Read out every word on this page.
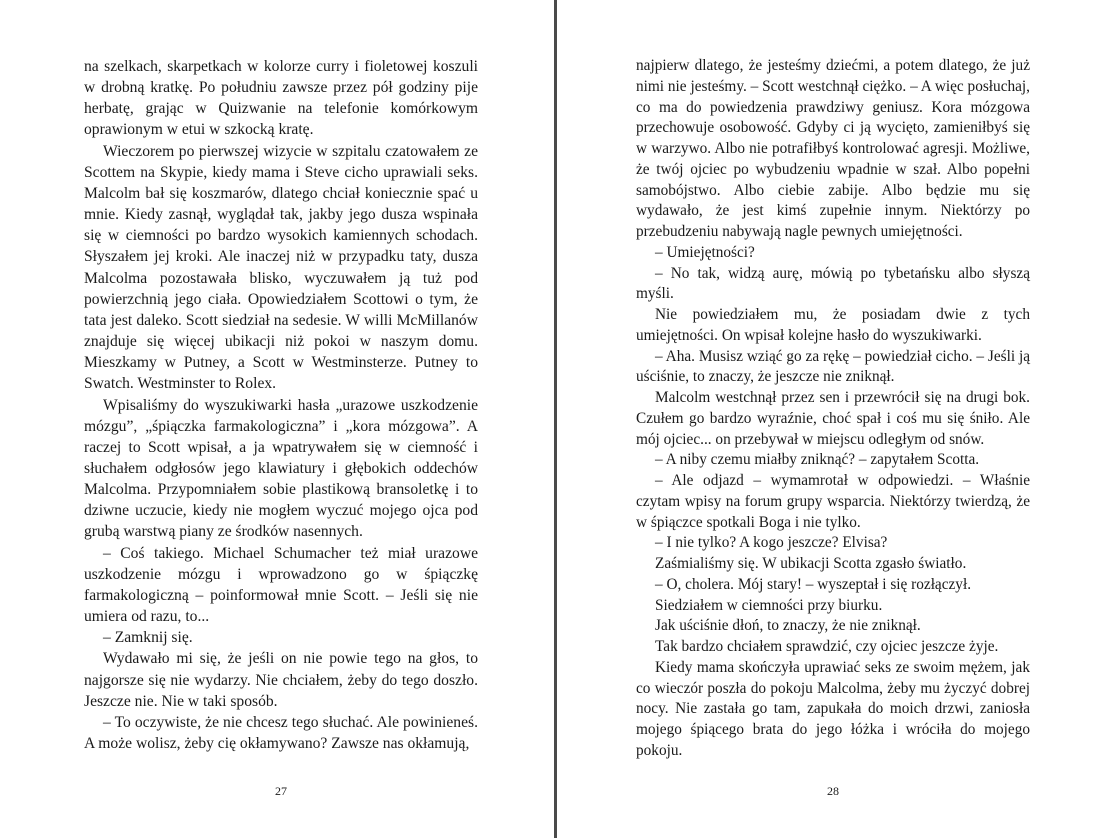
na szelkach, skarpetkach w kolorze curry i fioletowej koszuli w drobną kratkę. Po południu zawsze przez pół godziny pije herbatę, grając w Quizwanie na telefonie komórkowym oprawionym w etui w szkocką kratę.

Wieczorem po pierwszej wizycie w szpitalu czatowałem ze Scottem na Skypie, kiedy mama i Steve cicho uprawiali seks. Malcolm bał się koszmarów, dlatego chciał koniecznie spać u mnie. Kiedy zasnął, wyglądał tak, jakby jego dusza wspinała się w ciemności po bardzo wysokich kamiennych schodach. Słyszałem jej kroki. Ale inaczej niż w przypadku taty, dusza Malcolma pozostawała blisko, wyczuwałem ją tuż pod powierzchnią jego ciała. Opowiedziałem Scottowi o tym, że tata jest daleko. Scott siedział na sedesie. W willi McMillanów znajduje się więcej ubikacji niż pokoi w naszym domu. Mieszkamy w Putney, a Scott w Westminsterze. Putney to Swatch. Westminster to Rolex.

Wpisaliśmy do wyszukiwarki hasła „urazowe uszkodzenie mózgu”, „śpiączka farmakologiczna” i „kora mózgowa”. A raczej to Scott wpisał, a ja wpatrywałem się w ciemność i słuchałem odgłosów jego klawiatury i głębokich oddechów Malcolma. Przypomniałem sobie plastikową bransoletkę i to dziwne uczucie, kiedy nie mogłem wyczuć mojego ojca pod grubą warstwą piany ze środków nasennych.

– Coś takiego. Michael Schumacher też miał urazowe uszkodzenie mózgu i wprowadzono go w śpiączkę farmakologiczną – poinformował mnie Scott. – Jeśli się nie umiera od razu, to...

– Zamknij się.

Wydawało mi się, że jeśli on nie powie tego na głos, to najgorsze się nie wydarzy. Nie chciałem, żeby do tego doszło. Jeszcze nie. Nie w taki sposób.

– To oczywiste, że nie chcesz tego słuchać. Ale powinieneś. A może wolisz, żeby cię okłamywano? Zawsze nas okłamują,

najpierw dlatego, że jesteśmy dziećmi, a potem dlatego, że już nimi nie jesteśmy. – Scott westchnął ciężko. – A więc posłuchaj, co ma do powiedzenia prawdziwy geniusz. Kora mózgowa przechowuje osobowość. Gdyby ci ją wycięto, zamieniłbyś się w warzywo. Albo nie potrafiłbyś kontrolować agresji. Możliwe, że twój ojciec po wybudzeniu wpadnie w szał. Albo popełni samobójstwo. Albo ciebie zabije. Albo będzie mu się wydawało, że jest kimś zupełnie innym. Niektórzy po przebudzeniu nabywają nagle pewnych umiejętności.

– Umiejętności?

– No tak, widzą aurę, mówią po tybetańsku albo słyszą myśli.

Nie powiedziałem mu, że posiadam dwie z tych umiejętności. On wpisał kolejne hasło do wyszukiwarki.

– Aha. Musisz wziąć go za rękę – powiedział cicho. – Jeśli ją uściśnie, to znaczy, że jeszcze nie zniknął.

Malcolm westchnął przez sen i przewrócił się na drugi bok. Czułem go bardzo wyraźnie, choć spał i coś mu się śniło. Ale mój ojciec... on przebywał w miejscu odległym od snów.

– A niby czemu miałby zniknąć? – zapytałem Scotta.

– Ale odjazd – wymamrotał w odpowiedzi. – Właśnie czytam wpisy na forum grupy wsparcia. Niektórzy twierdzą, że w śpiączce spotkali Boga i nie tylko.

– I nie tylko? A kogo jeszcze? Elvisa?

Zaśmialiśmy się. W ubikacji Scotta zgasło światło.

– O, cholera. Mój stary! – wyszeptał i się rozłączył.

Siedziałem w ciemności przy biurku.

Jak uściśnie dłoń, to znaczy, że nie zniknął.

Tak bardzo chciałem sprawdzić, czy ojciec jeszcze żyje.

Kiedy mama skończyła uprawiać seks ze swoim mężem, jak co wieczór poszła do pokoju Malcolma, żeby mu życzyć dobrej nocy. Nie zastała go tam, zapukała do moich drzwi, zaniosła mojego śpiącego brata do jego łóżka i wróciła do mojego pokoju.

27	28
